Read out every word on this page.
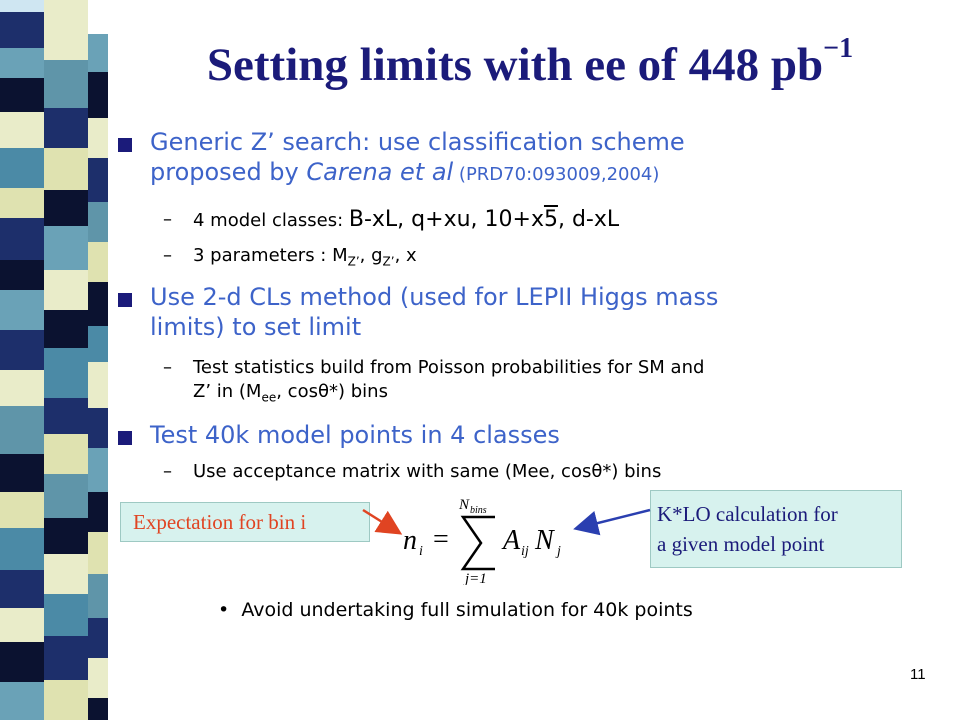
Setting limits with ee of 448 $pb^{-1}$
Generic Z’ search: use classification scheme
proposed by Carena et al (PRD70:093009,2004)
–	4 model classes: B-xL, q+xu, 10+x5, d-xL
–	3 parameters : $M_{Z’}$, $g_{Z’}$, x
Use 2-d CLs method (used for LEPII Higgs mass
limits) to set limit
–	Test statistics build from Poisson probabilities for SM and
Z’ in ($M_{ee}$, cosθ*) bins
Test 40k model points in 4 classes
–	Use acceptance matrix with same (Mee, cosθ*) bins
Expectation for bin i	K*LO calculation for
a given model point
n i =
N bins
j=1
A ij N j
• Avoid undertaking full simulation for 40k points
11
